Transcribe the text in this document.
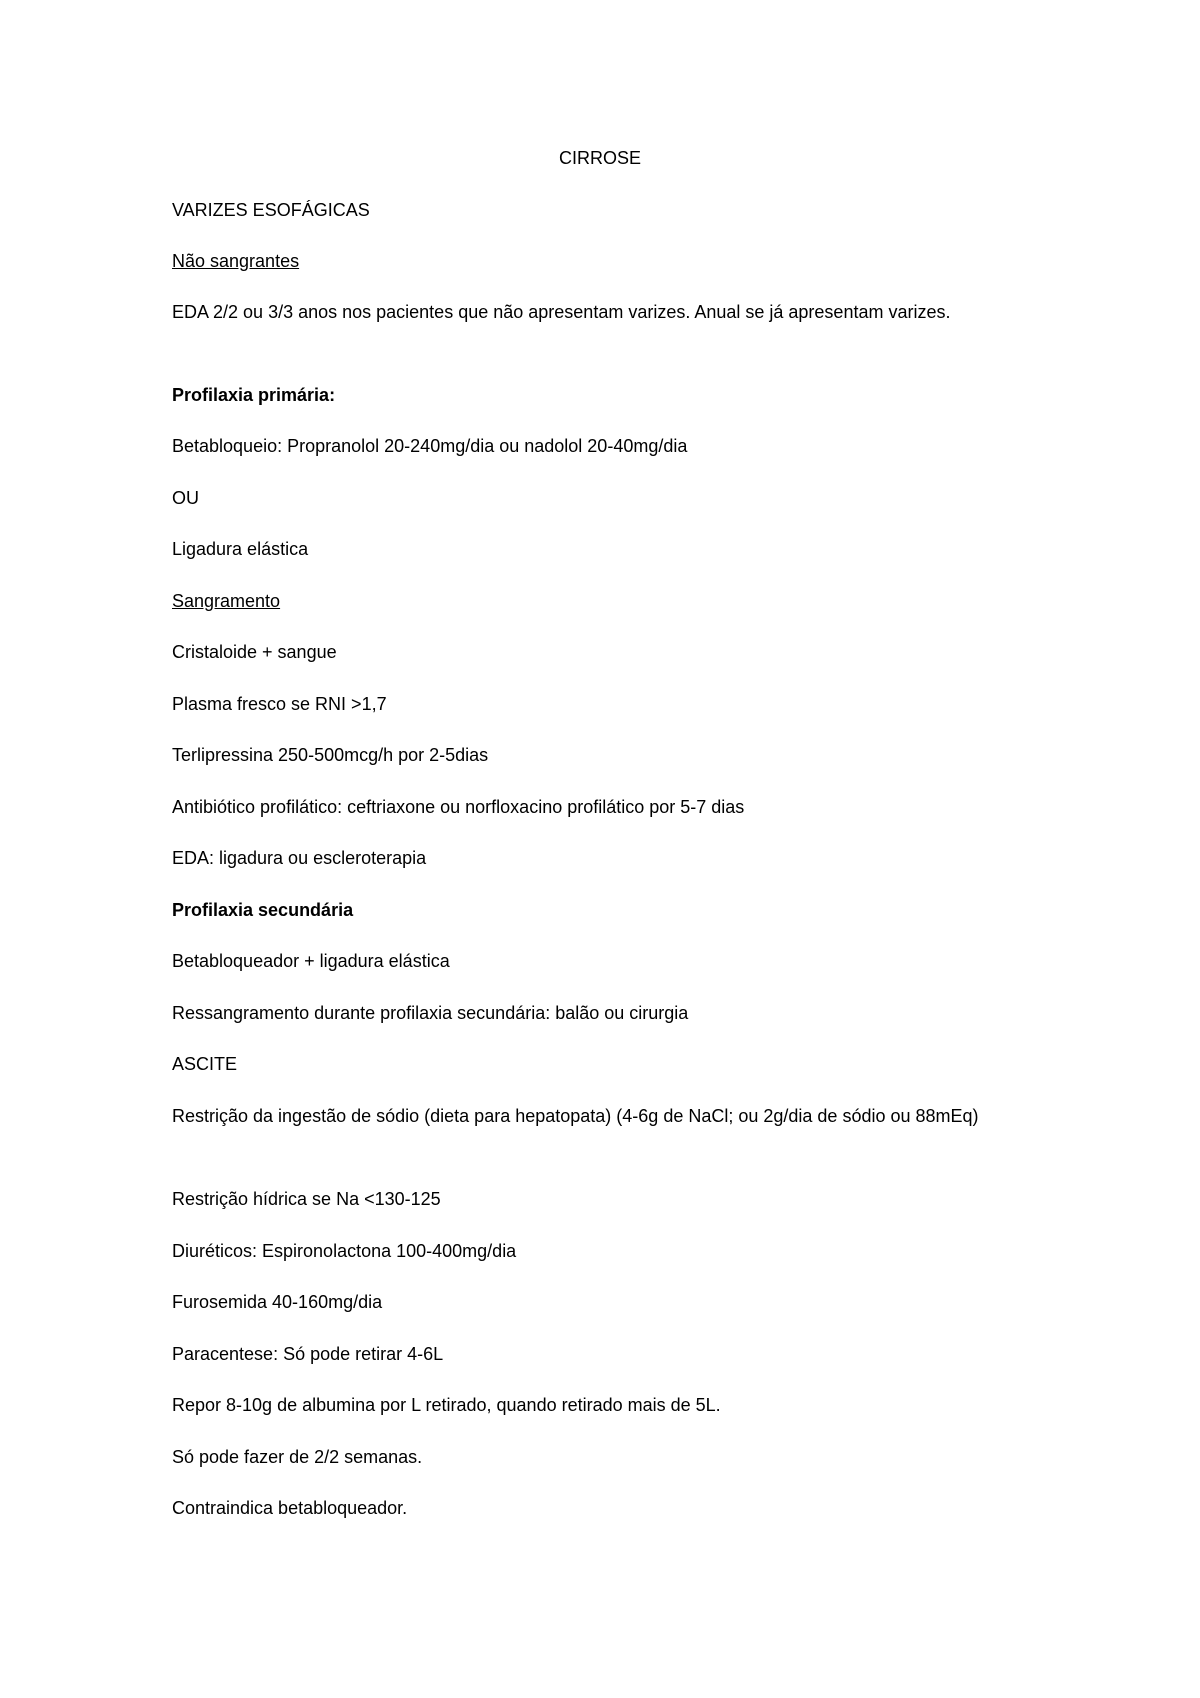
CIRROSE
VARIZES ESOFÁGICAS
Não sangrantes
EDA 2/2 ou 3/3 anos nos pacientes que não apresentam varizes. Anual se já apresentam varizes.
Profilaxia primária:
Betabloqueio: Propranolol 20-240mg/dia ou nadolol 20-40mg/dia
OU
Ligadura elástica
Sangramento
Cristaloide + sangue
Plasma fresco se RNI >1,7
Terlipressina 250-500mcg/h por 2-5dias
Antibiótico profilático: ceftriaxone ou norfloxacino profilático por 5-7 dias
EDA: ligadura ou escleroterapia
Profilaxia secundária
Betabloqueador + ligadura elástica
Ressangramento durante profilaxia secundária: balão ou cirurgia
ASCITE
Restrição da ingestão de sódio (dieta para hepatopata) (4-6g de NaCl; ou 2g/dia de sódio ou 88mEq)
Restrição hídrica se Na <130-125
Diuréticos: Espironolactona 100-400mg/dia
Furosemida 40-160mg/dia
Paracentese: Só pode retirar 4-6L
Repor 8-10g de albumina por L retirado, quando retirado mais de 5L.
Só pode fazer de 2/2 semanas.
Contraindica betabloqueador.
